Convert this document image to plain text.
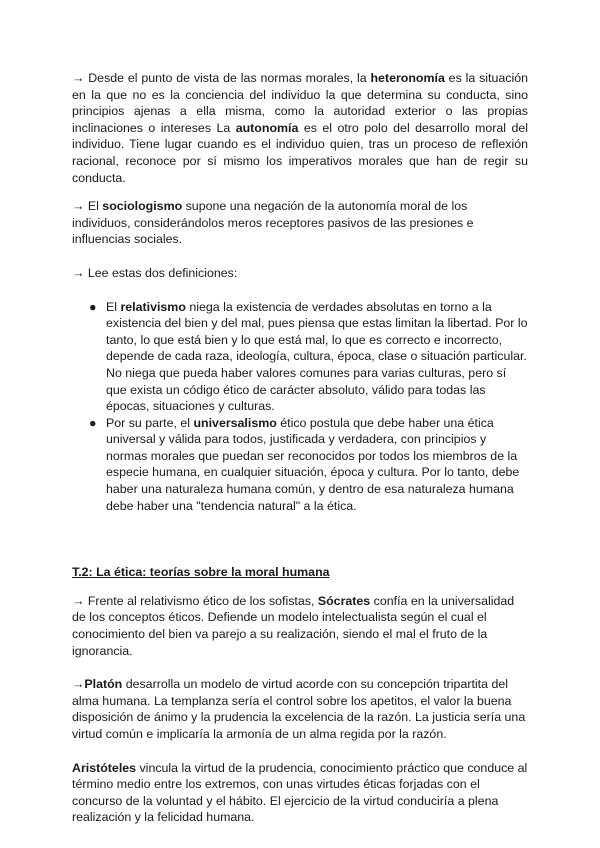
→ Desde el punto de vista de las normas morales, la heteronomía es la situación en la que no es la conciencia del individuo la que determina su conducta, sino principios ajenas a ella misma, como la autoridad exterior o las propias inclinaciones o intereses La autonomía es el otro polo del desarrollo moral del individuo. Tiene lugar cuando es el individuo quien, tras un proceso de reflexión racional, reconoce por sí mismo los imperativos morales que han de regir su conducta.

→ El sociologismo supone una negación de la autonomía moral de los individuos, considerándolos meros receptores pasivos de las presiones e influencias sociales.

→ Lee estas dos definiciones:

● El relativismo niega la existencia de verdades absolutas en torno a la existencia del bien y del mal, pues piensa que estas limitan la libertad. Por lo tanto, lo que está bien y lo que está mal, lo que es correcto e incorrecto, depende de cada raza, ideología, cultura, época, clase o situación particular. No niega que pueda haber valores comunes para varias culturas, pero sí que exista un código ético de carácter absoluto, válido para todas las épocas, situaciones y culturas.
● Por su parte, el universalismo ético postula que debe haber una ética universal y válida para todos, justificada y verdadera, con principios y normas morales que puedan ser reconocidos por todos los miembros de la especie humana, en cualquier situación, época y cultura. Por lo tanto, debe haber una naturaleza humana común, y dentro de esa naturaleza humana debe haber una "tendencia natural" a la ética.

T.2: La ética: teorías sobre la moral humana

→ Frente al relativismo ético de los sofistas, Sócrates confía en la universalidad de los conceptos éticos. Defiende un modelo intelectualista según el cual el conocimiento del bien va parejo a su realización, siendo el mal el fruto de la ignorancia.

→Platón desarrolla un modelo de virtud acorde con su concepción tripartita del alma humana. La templanza sería el control sobre los apetitos, el valor la buena disposición de ánimo y la prudencia la excelencia de la razón. La justicia sería una virtud común e implicaría la armonía de un alma regida por la razón.

Aristóteles vincula la virtud de la prudencia, conocimiento práctico que conduce al término medio entre los extremos, con unas virtudes éticas forjadas con el concurso de la voluntad y el hábito. El ejercicio de la virtud conduciría a plena realización y la felicidad humana.
